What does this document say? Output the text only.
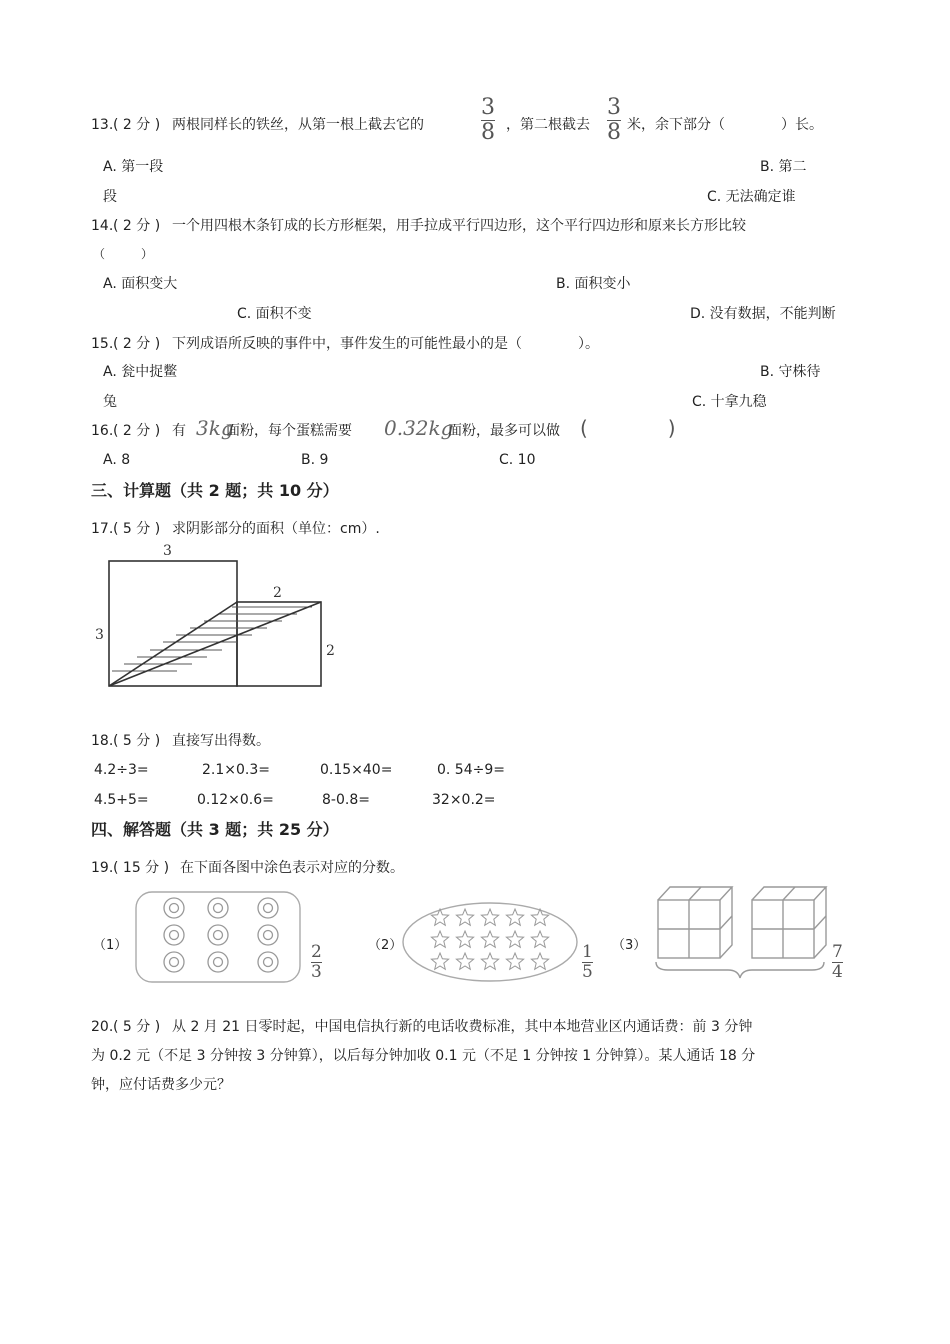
13. ( 2 分 ) 两根同样长的铁丝，从第一根上截去它的
3
8 ，第二根截去
3
8 米，余下部分（　　　　）长。
A. 第一段	B. 第二
段	C. 无法确定谁
14. ( 2 分 ) 一个用四根木条钉成的长方形框架，用手拉成平行四边形，这个平行四边形和原来长方形比较
（　　　）
A. 面积变大	B. 面积变小
C. 面积不变	D. 没有数据，不能判断
15. ( 2 分 ) 下列成语所反映的事件中，事件发生的可能性最小的是（　　　　）。
A. 瓮中捉鳖	B. 守株待
兔	C. 十拿九稳
16. ( 2 分 ) 有 3kg
面粉，每个蛋糕需要 0.32kg
面粉，最多可以做 (　　　　)
A. 8	B. 9	C. 10
三、计算题（共 2 题；共 10 分）
17. ( 5 分 ) 求阴影部分的面积（单位：cm）.
3
3
2
2
18. ( 5 分 ) 直接写出得数。
4.2÷3=	2.1×0.3=	0.15×40=	0. 54÷9=
4.5+5=	0.12×0.6=	8-0.8=	32×0.2=
四、解答题（共 3 题；共 25 分）
19. ( 15 分 ) 在下面各图中涂色表示对应的分数。
（1）	2
3
（2）	1
5
（3）	7
4
20. ( 5 分 ) 从 2 月 21 日零时起，中国电信执行新的电话收费标准，其中本地营业区内通话费：前 3 分钟
为 0.2 元（不足 3 分钟按 3 分钟算），以后每分钟加收 0.1 元（不足 1 分钟按 1 分钟算）。某人通话 18 分
钟，应付话费多少元？
